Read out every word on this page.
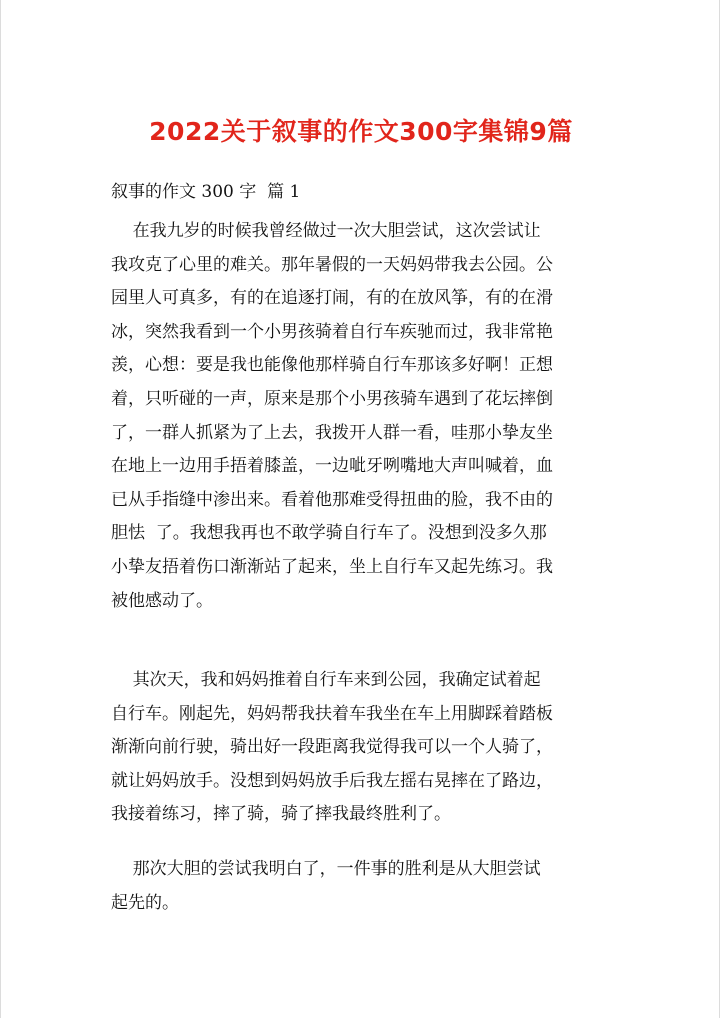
2022关于叙事的作文300字集锦9篇
叙事的作文 300 字  篇 1
在我九岁的时候我曾经做过一次大胆尝试，这次尝试让
我攻克了心里的难关。那年暑假的一天妈妈带我去公园。公
园里人可真多，有的在追逐打闹，有的在放风筝，有的在滑
冰，突然我看到一个小男孩骑着自行车疾驰而过，我非常艳
羡，心想：要是我也能像他那样骑自行车那该多好啊！正想
着，只听碰的一声，原来是那个小男孩骑车遇到了花坛摔倒
了，一群人抓紧为了上去，我拨开人群一看，哇那小挚友坐
在地上一边用手捂着膝盖，一边呲牙咧嘴地大声叫喊着，血
已从手指缝中渗出来。看着他那难受得扭曲的脸，我不由的
胆怯  了。我想我再也不敢学骑自行车了。没想到没多久那
小挚友捂着伤口渐渐站了起来，坐上自行车又起先练习。我
被他感动了。
其次天，我和妈妈推着自行车来到公园，我确定试着起
自行车。刚起先，妈妈帮我扶着车我坐在车上用脚踩着踏板
渐渐向前行驶，骑出好一段距离我觉得我可以一个人骑了，
就让妈妈放手。没想到妈妈放手后我左摇右晃摔在了路边，
我接着练习，摔了骑，骑了摔我最终胜利了。
那次大胆的尝试我明白了，一件事的胜利是从大胆尝试
起先的。
